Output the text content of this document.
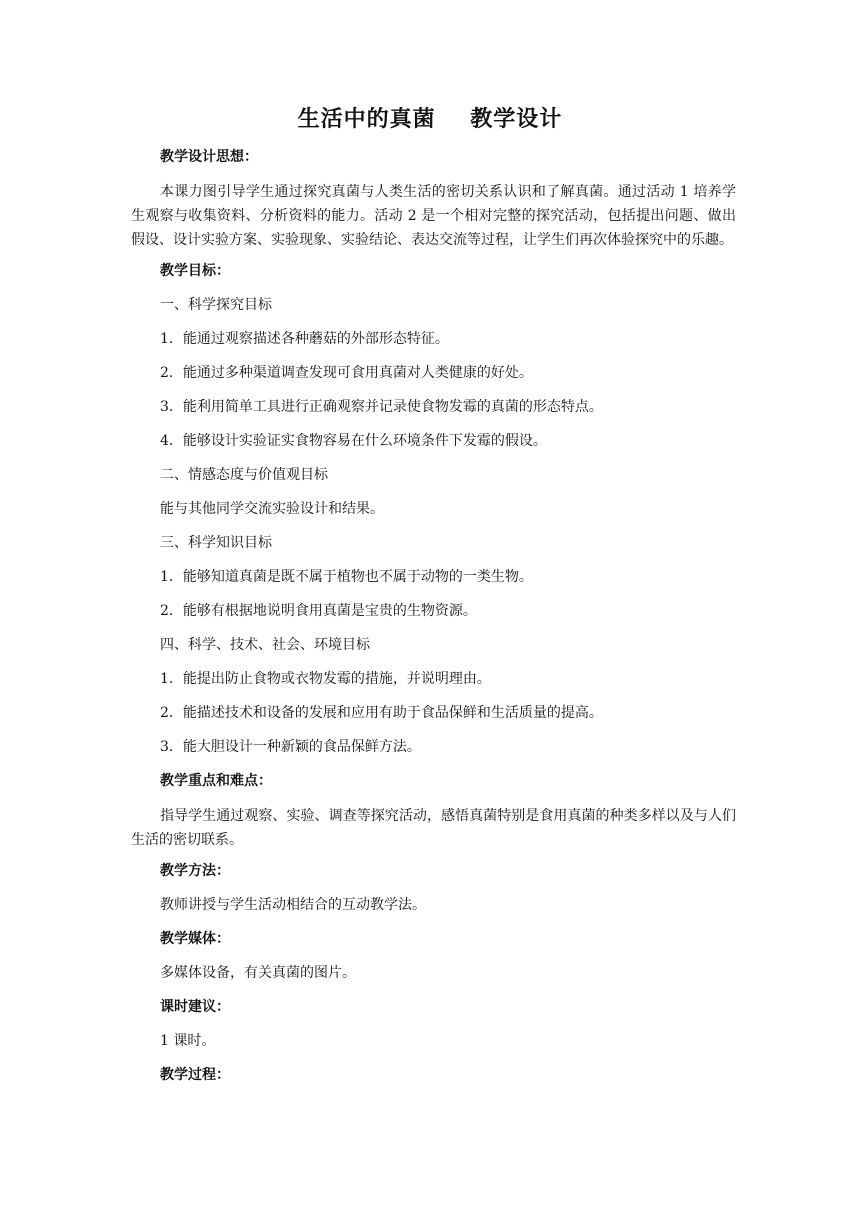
生活中的真菌    教学设计
教学设计思想：

本课力图引导学生通过探究真菌与人类生活的密切关系认识和了解真菌。通过活动 1 培养学生观察与收集资料、分析资料的能力。活动 2 是一个相对完整的探究活动，包括提出问题、做出假设、设计实验方案、实验现象、实验结论、表达交流等过程，让学生们再次体验探究中的乐趣。

教学目标：
一、科学探究目标
1．能通过观察描述各种蘑菇的外部形态特征。
2．能通过多种渠道调查发现可食用真菌对人类健康的好处。
3．能利用简单工具进行正确观察并记录使食物发霉的真菌的形态特点。
4．能够设计实验证实食物容易在什么环境条件下发霉的假设。
二、情感态度与价值观目标
能与其他同学交流实验设计和结果。
三、科学知识目标
1．能够知道真菌是既不属于植物也不属于动物的一类生物。
2．能够有根据地说明食用真菌是宝贵的生物资源。
四、科学、技术、社会、环境目标
1．能提出防止食物或衣物发霉的措施，并说明理由。
2．能描述技术和设备的发展和应用有助于食品保鲜和生活质量的提高。
3．能大胆设计一种新颖的食品保鲜方法。
教学重点和难点：

指导学生通过观察、实验、调查等探究活动，感悟真菌特别是食用真菌的种类多样以及与人们生活的密切联系。

教学方法：
教师讲授与学生活动相结合的互动教学法。
教学媒体：
多媒体设备，有关真菌的图片。
课时建议：
1 课时。
教学过程：
